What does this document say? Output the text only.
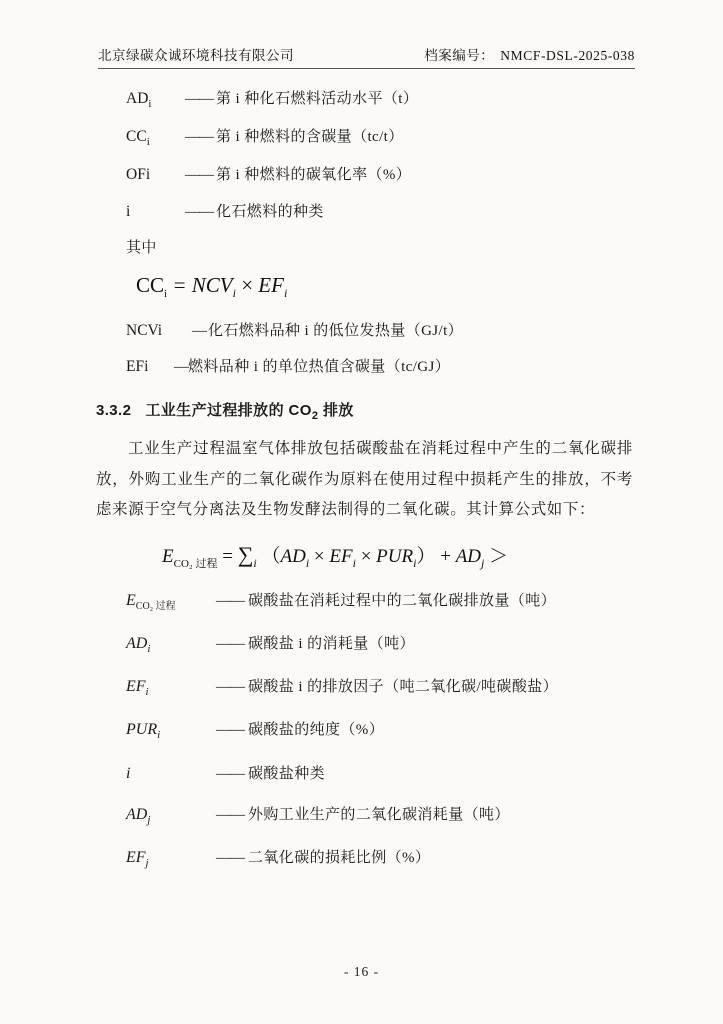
北京绿碳众诚环境科技有限公司	档案编号： NMCF-DSL-2025-038
$AD_i$	—— 第 i 种化石燃料活动水平（t）
$CC_i$	—— 第 i 种燃料的含碳量（tc/t）
OFi	—— 第 i 种燃料的碳氧化率（%）
i	—— 化石燃料的种类
其中
$CC_i = NCV_i \times EF_i$
NCVi	— 化石燃料品种 i 的低位发热量（GJ/t）
EFi	— 燃料品种 i 的单位热值含碳量（tc/GJ）
3.3.2 工业生产过程排放的 $CO_2$ 排放

工业生产过程温室气体排放包括碳酸盐在消耗过程中产生的二氧化碳排放，外购工业生产的二氧化碳作为原料在使用过程中损耗产生的排放，不考虑来源于空气分离法及生物发酵法制得的二氧化碳。其计算公式如下：

$E_{CO_2 过程} = \sum_i$ $(AD_i \times EF_i \times PUR_i) + AD_j$ ＞
$E_{CO_2 过程}$	—— 碳酸盐在消耗过程中的二氧化碳排放量（吨）
$AD_i$	—— 碳酸盐 i 的消耗量（吨）
$EF_i$	—— 碳酸盐 i 的排放因子（吨二氧化碳/吨碳酸盐）
$PUR_i$	—— 碳酸盐的纯度（%）
i	—— 碳酸盐种类
$AD_j$	—— 外购工业生产的二氧化碳消耗量（吨）
$EF_j$	—— 二氧化碳的损耗比例（%）
- 16 -
